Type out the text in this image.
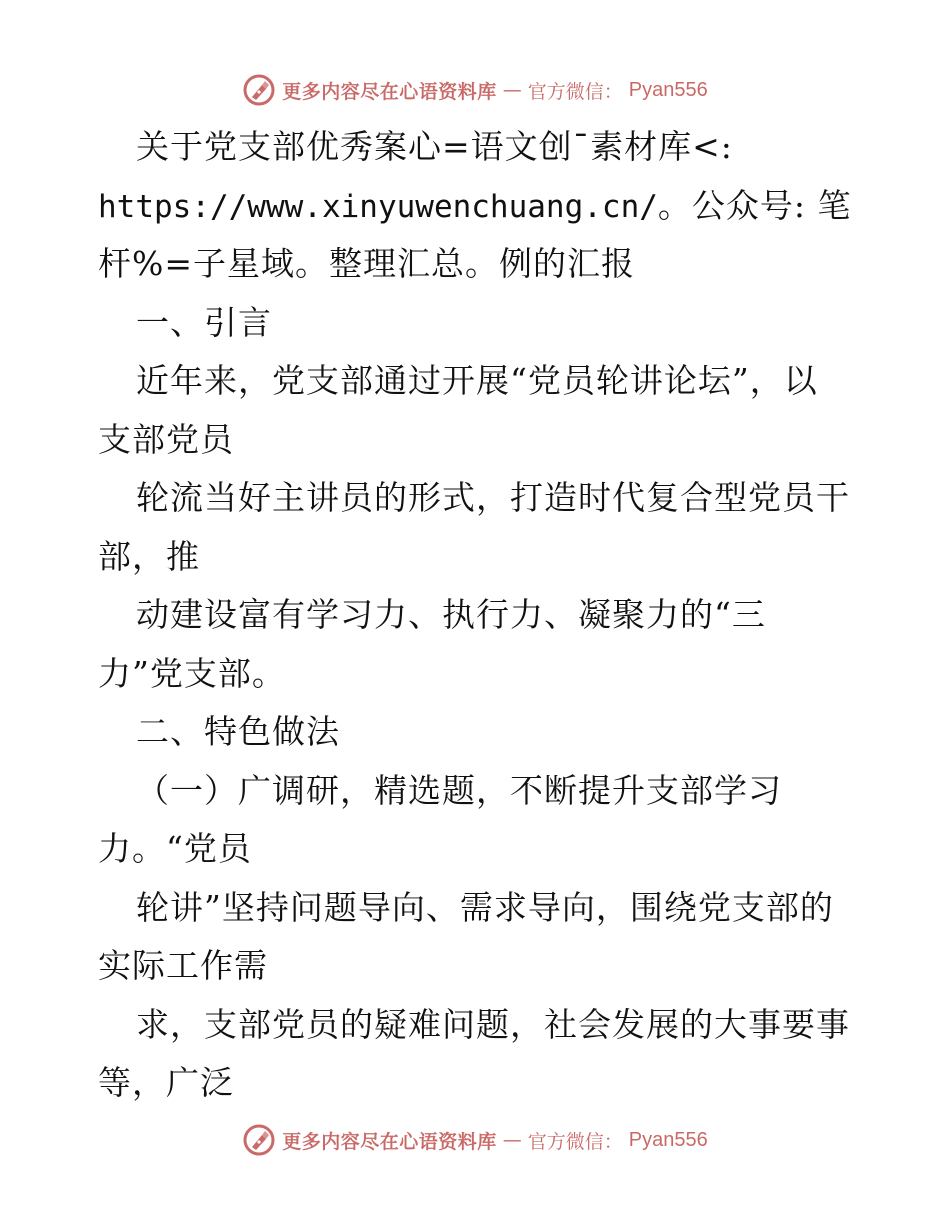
更多内容尽在心语资料库 — 官方微信： Pyan556
关于党支部优秀案心=语文创¯素材库<:
https://www.xinyuwenchuang.cn/。公众号: 笔
杆%=子星域。整理汇总。例的汇报
一、引言
近年来，党支部通过开展“党员轮讲论坛”，以
支部党员
轮流当好主讲员的形式，打造时代复合型党员干
部，推
动建设富有学习力、执行力、凝聚力的“三
力”党支部。
二、特色做法
（一）广调研，精选题，不断提升支部学习
力。“党员
轮讲”坚持问题导向、需求导向，围绕党支部的
实际工作需
求，支部党员的疑难问题，社会发展的大事要事
等，广泛
更多内容尽在心语资料库 — 官方微信： Pyan556
